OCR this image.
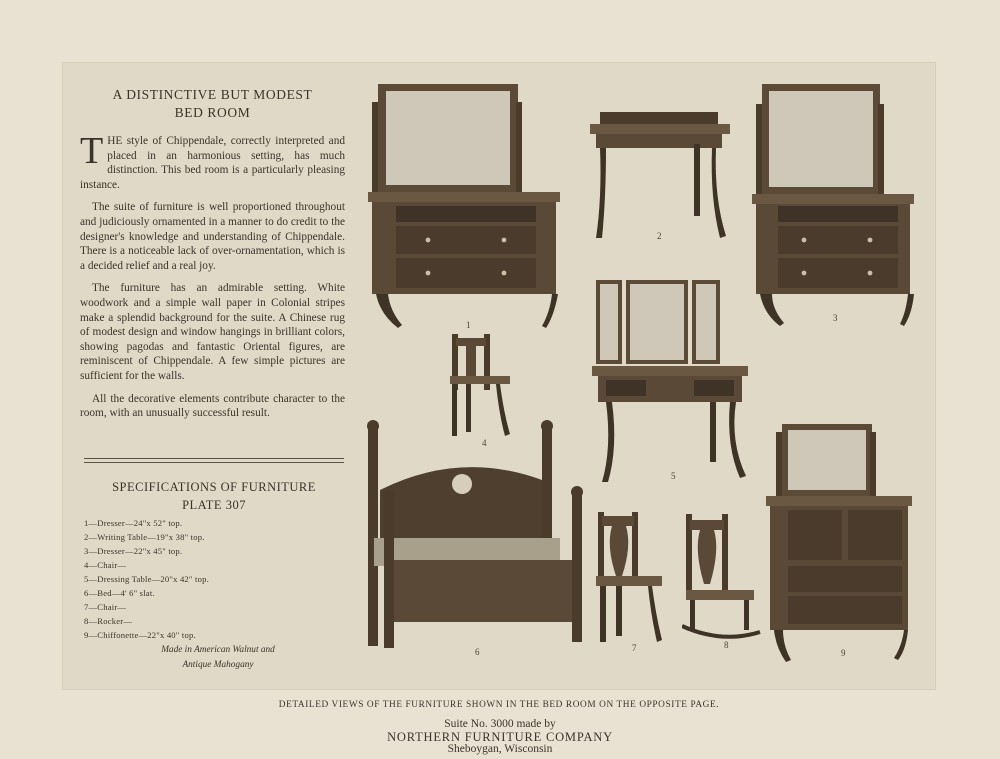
A DISTINCTIVE BUT MODEST
BED ROOM

THE style of Chippendale, correctly interpreted and placed in an harmonious setting, has much distinction. This bed room is a particularly pleasing instance.

The suite of furniture is well proportioned throughout and judiciously ornamented in a manner to do credit to the designer's knowledge and understanding of Chippendale. There is a noticeable lack of over-ornamentation, which is a decided relief and a real joy.

The furniture has an admirable setting. White woodwork and a simple wall paper in Colonial stripes make a splendid background for the suite. A Chinese rug of modest design and window hangings in brilliant colors, showing pagodas and fantastic Oriental figures, are reminiscent of Chippendale. A few simple pictures are sufficient for the walls.

All the decorative elements contribute character to the room, with an unusually successful result.

SPECIFICATIONS OF FURNITURE
PLATE 307
1—Dresser—24"x 52" top.
2—Writing Table—19"x 38" top.
3—Dresser—22"x 45" top.
4—Chair—
5—Dressing Table—20"x 42" top.
6—Bed—4' 6" slat.
7—Chair—
8—Rocker—
9—Chiffonette—22"x 40" top.
Made in American Walnut and
Antique Mahogany
1
2
3
4
5
6	7	8
9
DETAILED VIEWS OF THE FURNITURE SHOWN IN THE BED ROOM ON THE OPPOSITE PAGE.
Suite No. 3000 made by
NORTHERN FURNITURE COMPANY
Sheboygan, Wisconsin
